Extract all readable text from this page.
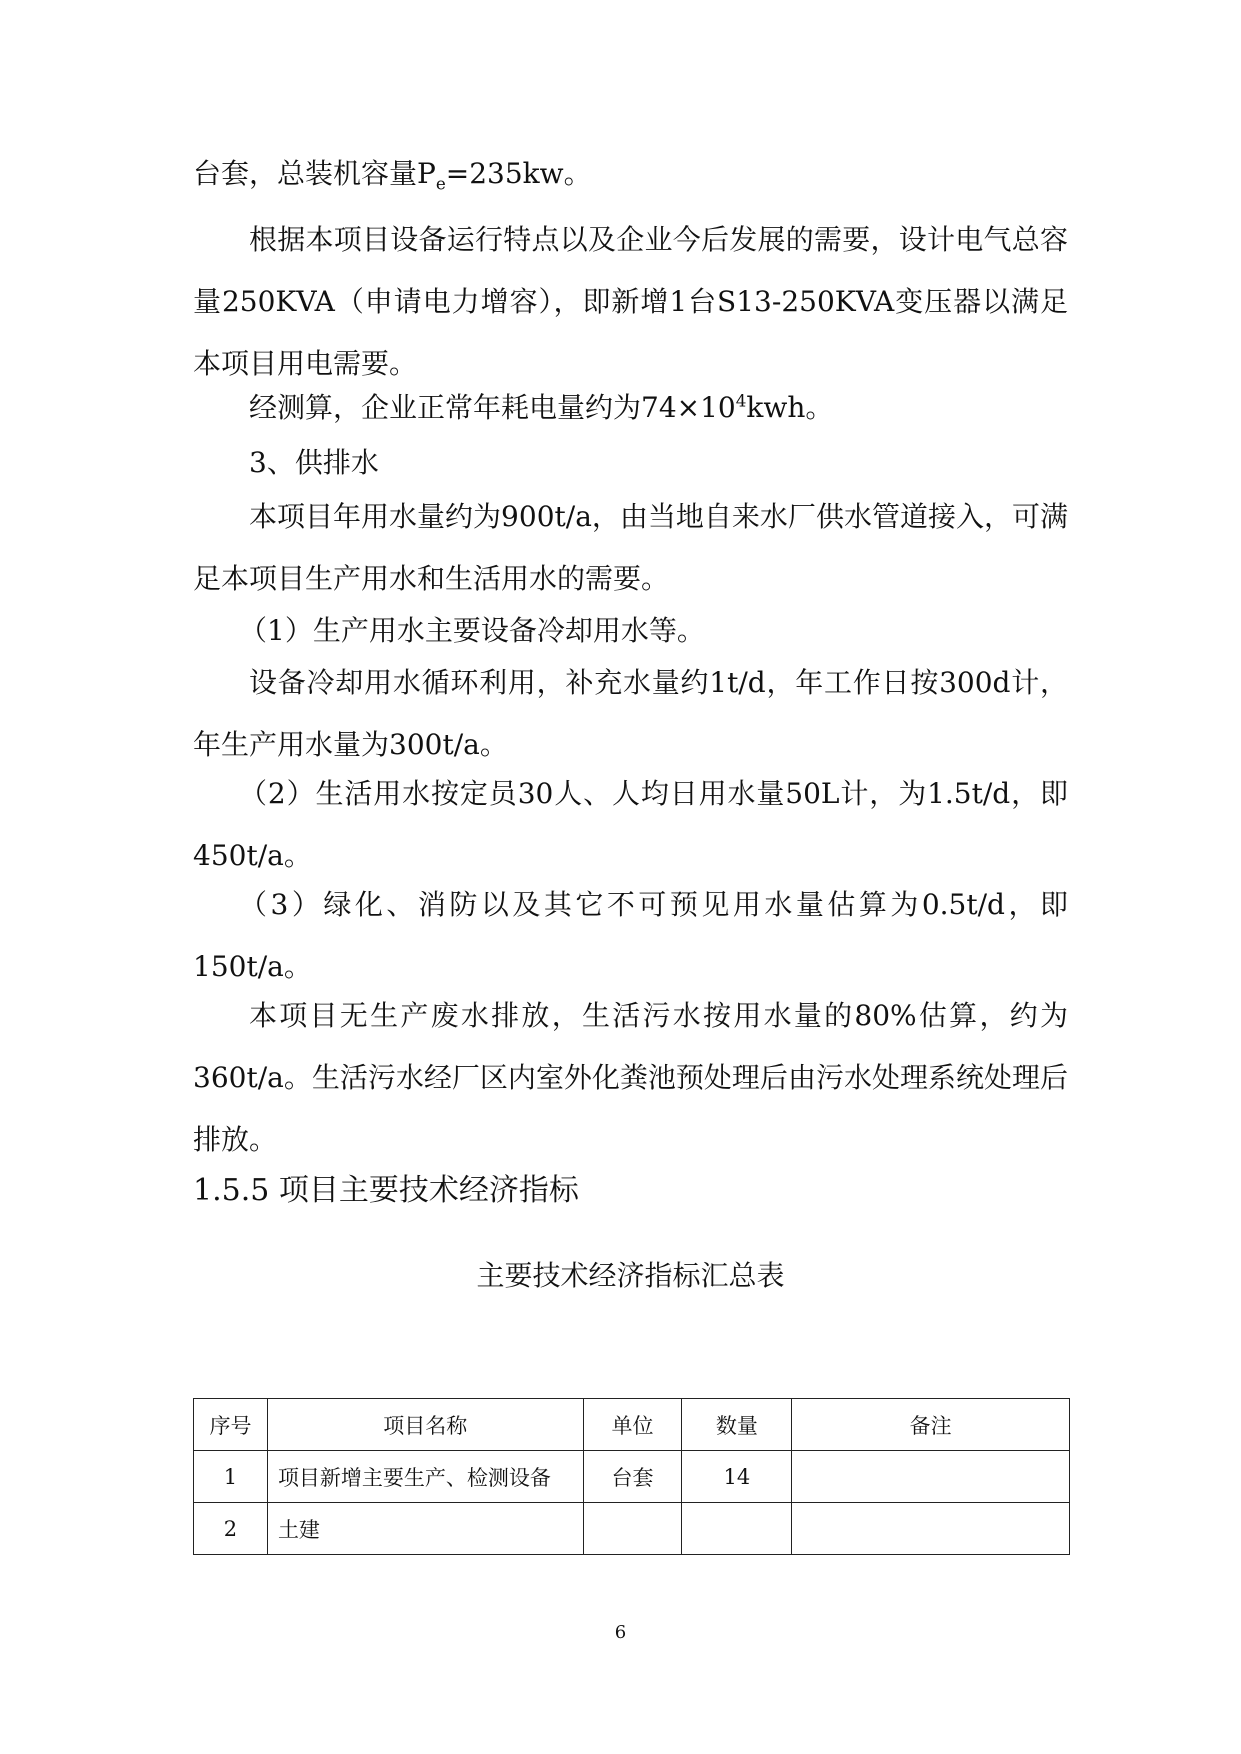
台套，总装机容量$P_e=235kw$。

根据本项目设备运行特点以及企业今后发展的需要，设计电气总容量250KVA（申请电力增容），即新增1台S13-250KVA变压器以满足本项目用电需要。

经测算，企业正常年耗电量约为$74\times 10^4kwh$。
3、供排水

本项目年用水量约为900t/a，由当地自来水厂供水管道接入，可满足本项目生产用水和生活用水的需要。

（1）生产用水主要设备冷却用水等。

设备冷却用水循环利用，补充水量约1t/d，年工作日按300d计，年生产用水量为300t/a。

（2）生活用水按定员30人、人均日用水量50L计，为1.5t/d，即450t/a。

（3）绿化、消防以及其它不可预见用水量估算为0.5t/d，即150t/a。

本项目无生产废水排放，生活污水按用水量的80%估算，约为360t/a。生活污水经厂区内室外化粪池预处理后由污水处理系统处理后排放。

1.5.5 项目主要技术经济指标
主要技术经济指标汇总表
序号	项目名称	单位	数量	备注
1	项目新增主要生产、检测设备	台套	14	
2	土建			
6
